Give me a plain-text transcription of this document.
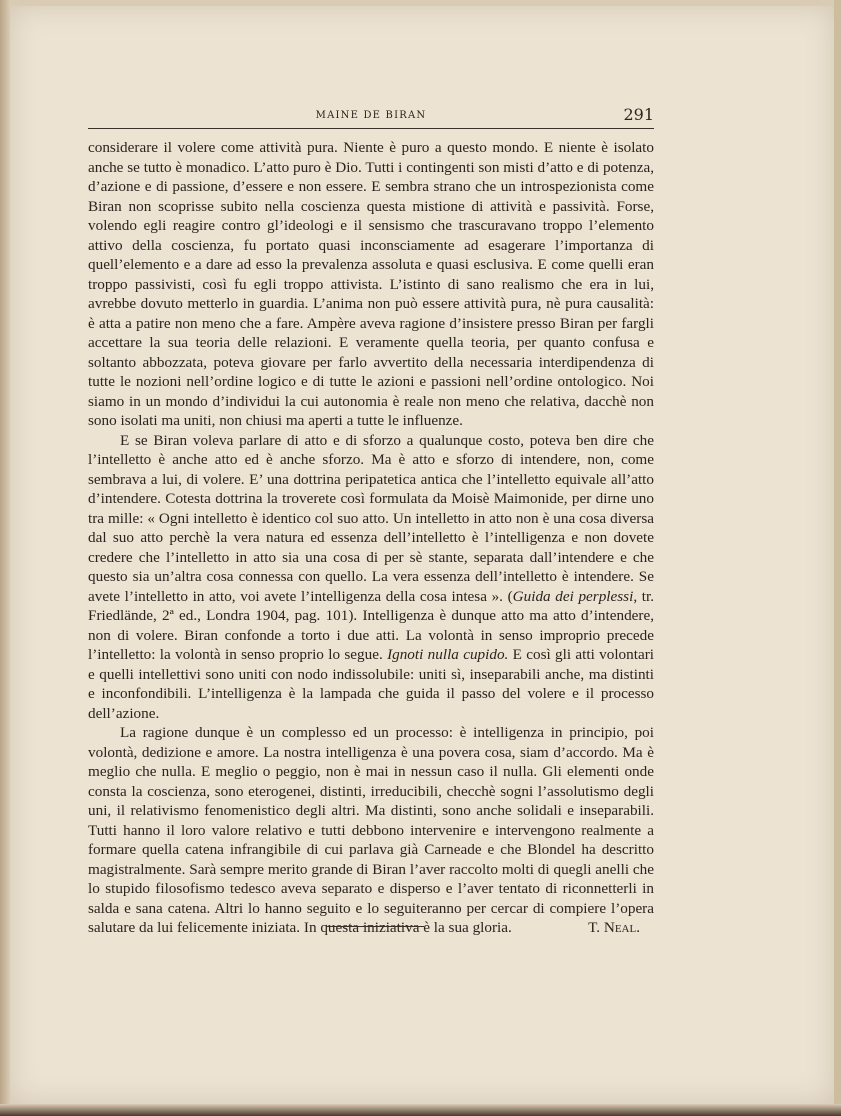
MAINE DE BIRAN	291

considerare il volere come attività pura. Niente è puro a questo mondo. E niente è isolato anche se tutto è monadico. L’atto puro è Dio. Tutti i contingenti son misti d’atto e di potenza, d’azione e di passione, d’essere e non essere. E sembra strano che un introspezionista come Biran non scoprisse subito nella coscienza questa mistione di attività e passività. Forse, volendo egli reagire contro gl’ideologi e il sensismo che trascuravano troppo l’elemento attivo della coscienza, fu portato quasi inconsciamente ad esagerare l’importanza di quell’elemento e a dare ad esso la prevalenza assoluta e quasi esclusiva. E come quelli eran troppo passivisti, così fu egli troppo attivista. L’istinto di sano realismo che era in lui, avrebbe dovuto metterlo in guardia. L’anima non può essere attività pura, nè pura causalità: è atta a patire non meno che a fare. Ampère aveva ragione d’insistere presso Biran per fargli accettare la sua teoria delle relazioni. E veramente quella teoria, per quanto confusa e soltanto abbozzata, poteva giovare per farlo avvertito della necessaria interdipendenza di tutte le nozioni nell’ordine logico e di tutte le azioni e passioni nell’ordine ontologico. Noi siamo in un mondo d’individui la cui autonomia è reale non meno che relativa, dacchè non sono isolati ma uniti, non chiusi ma aperti a tutte le influenze.

E se Biran voleva parlare di atto e di sforzo a qualunque costo, poteva ben dire che l’intelletto è anche atto ed è anche sforzo. Ma è atto e sforzo di intendere, non, come sembrava a lui, di volere. E’ una dottrina peripatetica antica che l’intelletto equivale all’atto d’intendere. Cotesta dottrina la troverete così formulata da Moisè Maimonide, per dirne uno tra mille: « Ogni intelletto è identico col suo atto. Un intelletto in atto non è una cosa diversa dal suo atto perchè la vera natura ed essenza dell’intelletto è l’intelligenza e non dovete credere che l’intelletto in atto sia una cosa di per sè stante, separata dall’intendere e che questo sia un’altra cosa connessa con quello. La vera essenza dell’intelletto è intendere. Se avete l’intelletto in atto, voi avete l’intelligenza della cosa intesa ». (Guida dei perplessi, tr. Friedlände, 2ª ed., Londra 1904, pag. 101). Intelligenza è dunque atto ma atto d’intendere, non di volere. Biran confonde a torto i due atti. La volontà in senso improprio precede l’intelletto: la volontà in senso proprio lo segue. Ignoti nulla cupido. E così gli atti volontari e quelli intellettivi sono uniti con nodo indissolubile: uniti sì, inseparabili anche, ma distinti e inconfondibili. L’intelligenza è la lampada che guida il passo del volere e il processo dell’azione.

La ragione dunque è un complesso ed un processo: è intelligenza in principio, poi volontà, dedizione e amore. La nostra intelligenza è una povera cosa, siam d’accordo. Ma è meglio che nulla. E meglio o peggio, non è mai in nessun caso il nulla. Gli elementi onde consta la coscienza, sono eterogenei, distinti, irreducibili, checchè sogni l’assolutismo degli uni, il relativismo fenomenistico degli altri. Ma distinti, sono anche solidali e inseparabili. Tutti hanno il loro valore relativo e tutti debbono intervenire e intervengono realmente a formare quella catena infrangibile di cui parlava già Carneade e che Blondel ha descritto magistralmente. Sarà sempre merito grande di Biran l’aver raccolto molti di quegli anelli che lo stupido filosofismo tedesco aveva separato e disperso e l’aver tentato di riconnetterli in salda e sana catena. Altri lo hanno seguito e lo seguiteranno per cercar di compiere l’opera salutare da lui felicemente iniziata. In questa iniziativa è la sua gloria.	T. Neal.
